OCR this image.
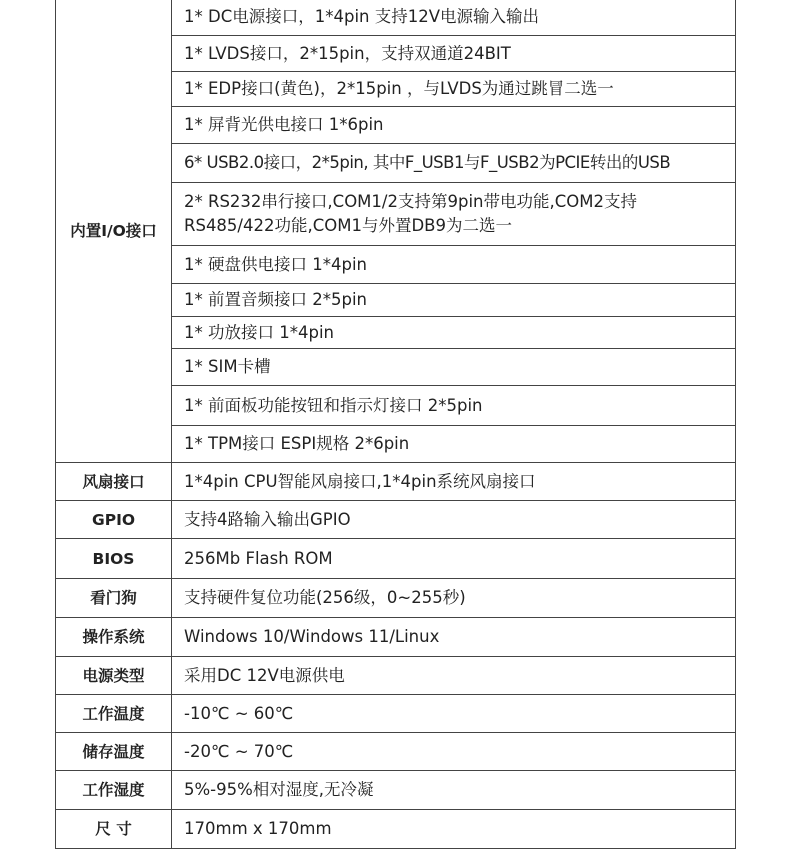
内置I/O接口	1* DC电源接口，1*4pin 支持12V电源输入输出
	1* LVDS接口，2*15pin，支持双通道24BIT
	1* EDP接口(黄色)，2*15pin ，与LVDS为通过跳冒二选一
	1* 屏背光供电接口 1*6pin
	6* USB2.0接口，2*5pin, 其中F_USB1与F_USB2为PCIE转出的USB
	2* RS232串行接口,COM1/2支持第9pin带电功能,COM2支持RS485/422功能,COM1与外置DB9为二选一
	1* 硬盘供电接口 1*4pin
	1* 前置音频接口 2*5pin
	1* 功放接口 1*4pin
	1* SIM卡槽
	1* 前面板功能按钮和指示灯接口 2*5pin
	1* TPM接口 ESPI规格 2*6pin
风扇接口	1*4pin CPU智能风扇接口,1*4pin系统风扇接口
GPIO	支持4路输入输出GPIO
BIOS	256Mb Flash ROM
看门狗	支持硬件复位功能(256级，0~255秒)
操作系统	Windows 10/Windows 11/Linux
电源类型	采用DC 12V电源供电
工作温度	-10℃ ~ 60℃
储存温度	-20℃ ~ 70℃
工作湿度	5%-95%相对湿度,无冷凝
尺 寸	170mm x 170mm
